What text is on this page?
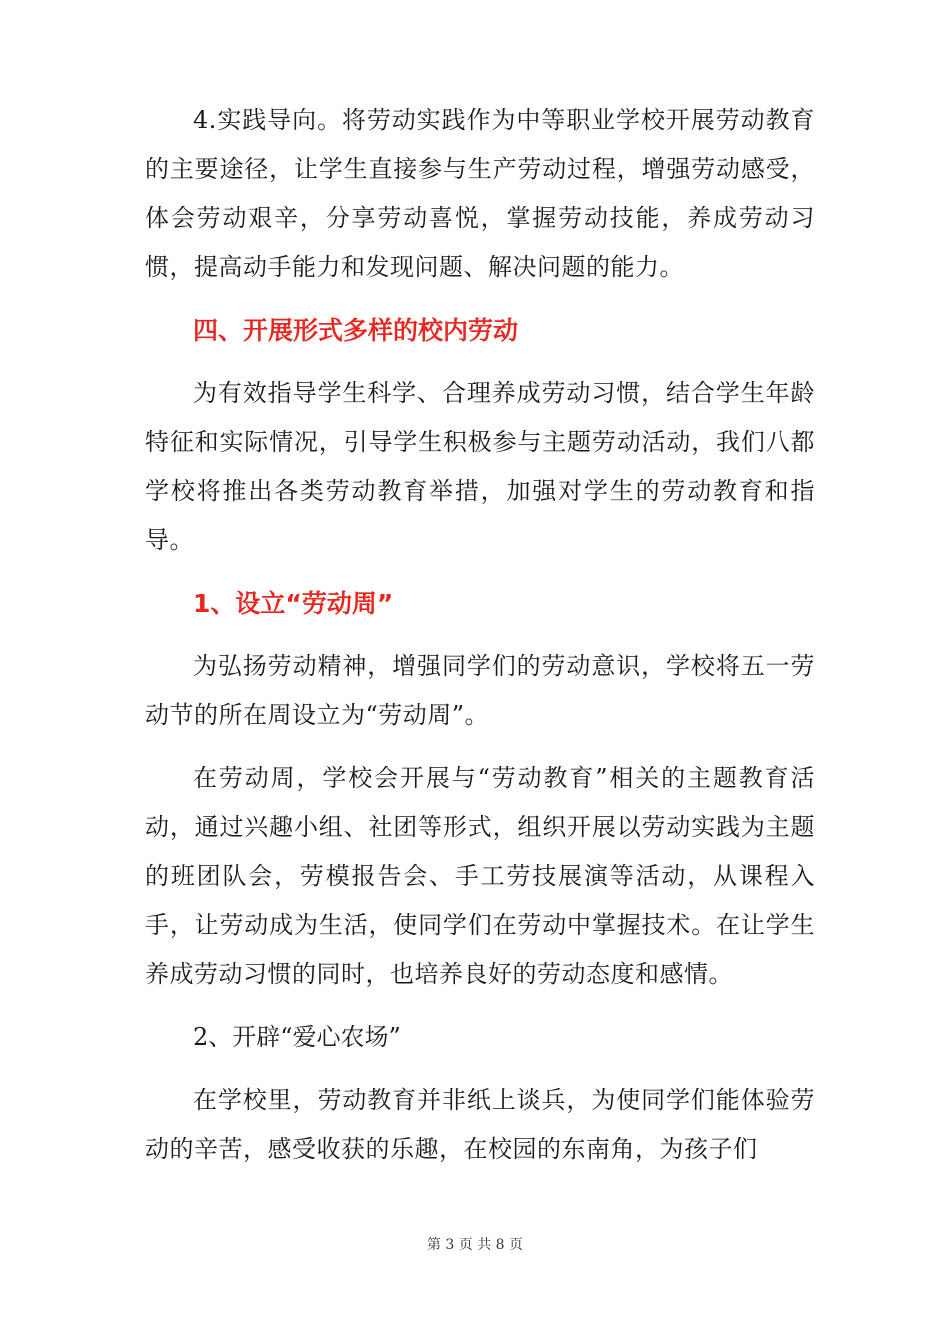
4.实践导向。将劳动实践作为中等职业学校开展劳动教育的主要途径，让学生直接参与生产劳动过程，增强劳动感受，体会劳动艰辛，分享劳动喜悦，掌握劳动技能，养成劳动习惯，提高动手能力和发现问题、解决问题的能力。

四、开展形式多样的校内劳动

为有效指导学生科学、合理养成劳动习惯，结合学生年龄特征和实际情况，引导学生积极参与主题劳动活动，我们八都学校将推出各类劳动教育举措，加强对学生的劳动教育和指导。

1、设立“劳动周”

为弘扬劳动精神，增强同学们的劳动意识，学校将五一劳动节的所在周设立为“劳动周”。

在劳动周，学校会开展与“劳动教育”相关的主题教育活动，通过兴趣小组、社团等形式，组织开展以劳动实践为主题的班团队会，劳模报告会、手工劳技展演等活动，从课程入手，让劳动成为生活，使同学们在劳动中掌握技术。在让学生养成劳动习惯的同时，也培养良好的劳动态度和感情。

2、开辟“爱心农场”

在学校里，劳动教育并非纸上谈兵，为使同学们能体验劳动的辛苦，感受收获的乐趣，在校园的东南角，为孩子们

第 3 页 共 8 页
